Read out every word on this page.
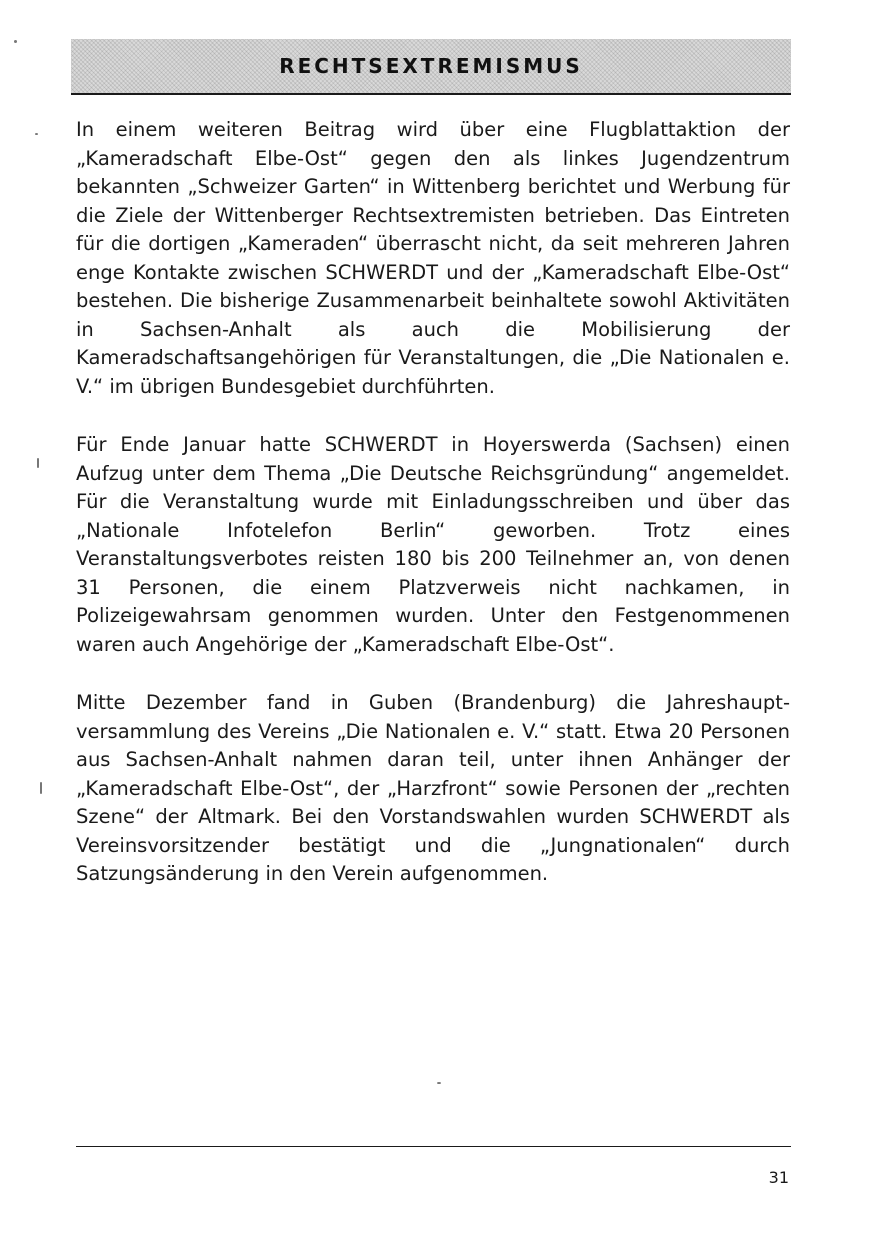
RECHTSEXTREMISMUS

In einem weiteren Beitrag wird über eine Flugblattaktion der „Kameradschaft Elbe-Ost“ gegen den als linkes Jugendzentrum bekannten „Schweizer Garten“ in Wittenberg berichtet und Werbung für die Ziele der Wittenberger Rechtsextremisten betrieben. Das Eintreten für die dortigen „Kameraden“ überrascht nicht, da seit mehreren Jahren enge Kontakte zwischen SCHWERDT und der „Kameradschaft Elbe-Ost“ bestehen. Die bisherige Zusammenarbeit beinhaltete sowohl Aktivitäten in Sachsen-Anhalt als auch die Mobilisierung der Kameradschaftsangehörigen für Veranstaltungen, die „Die Nationalen e. V.“ im übrigen Bundesgebiet durchführten.

Für Ende Januar hatte SCHWERDT in Hoyerswerda (Sachsen) einen Aufzug unter dem Thema „Die Deutsche Reichsgründung“ angemeldet. Für die Veranstaltung wurde mit Einladungsschreiben und über das „Nationale Infotelefon Berlin“ geworben. Trotz eines Veranstaltungsverbotes reisten 180 bis 200 Teilnehmer an, von denen 31 Personen, die einem Platzverweis nicht nachkamen, in Polizeigewahrsam genommen wurden. Unter den Festgenommenen waren auch Angehörige der „Kameradschaft Elbe-Ost“.

Mitte Dezember fand in Guben (Brandenburg) die Jahreshauptversammlung des Vereins „Die Nationalen e. V.“ statt. Etwa 20 Personen aus Sachsen-Anhalt nahmen daran teil, unter ihnen Anhänger der „Kameradschaft Elbe-Ost“, der „Harzfront“ sowie Personen der „rechten Szene“ der Altmark. Bei den Vorstandswahlen wurden SCHWERDT als Vereinsvorsitzender bestätigt und die „Jungnationalen“ durch Satzungsänderung in den Verein aufgenommen.

31
